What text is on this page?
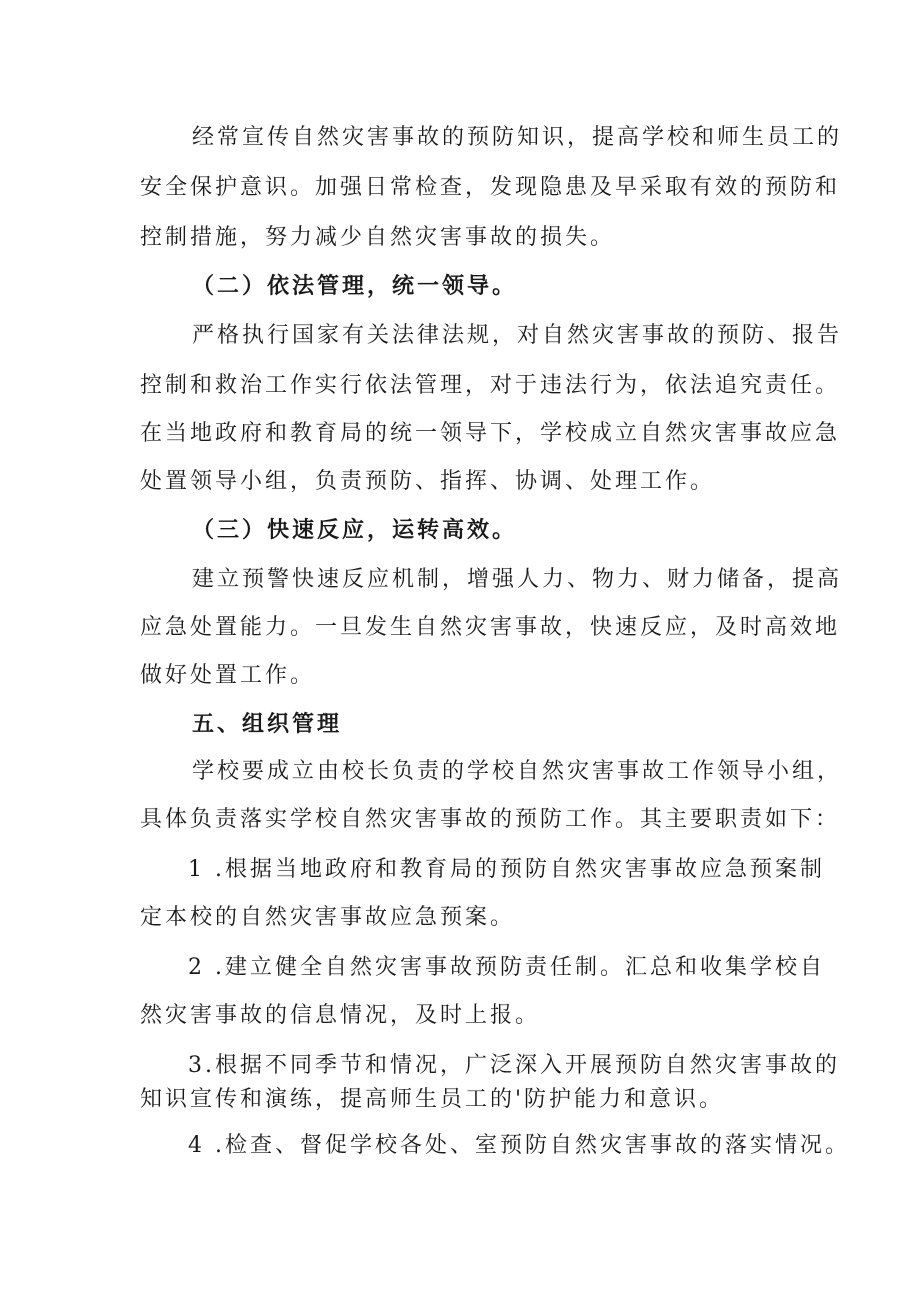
经常宣传自然灾害事故的预防知识，提高学校和师生员工的
安全保护意识。加强日常检查，发现隐患及早采取有效的预防和
控制措施，努力减少自然灾害事故的损失。
（二）依法管理，统一领导。
严格执行国家有关法律法规，对自然灾害事故的预防、报告
控制和救治工作实行依法管理，对于违法行为，依法追究责任。
在当地政府和教育局的统一领导下，学校成立自然灾害事故应急
处置领导小组，负责预防、指挥、协调、处理工作。
（三）快速反应，运转高效。
建立预警快速反应机制，增强人力、物力、财力储备，提高
应急处置能力。一旦发生自然灾害事故，快速反应，及时高效地
做好处置工作。
五、组织管理
学校要成立由校长负责的学校自然灾害事故工作领导小组，
具体负责落实学校自然灾害事故的预防工作。其主要职责如下：
1 .根据当地政府和教育局的预防自然灾害事故应急预案制
定本校的自然灾害事故应急预案。
2 .建立健全自然灾害事故预防责任制。汇总和收集学校自
然灾害事故的信息情况，及时上报。
3.根据不同季节和情况，广泛深入开展预防自然灾害事故的
知识宣传和演练，提高师生员工的'防护能力和意识。
4 .检查、督促学校各处、室预防自然灾害事故的落实情况。
